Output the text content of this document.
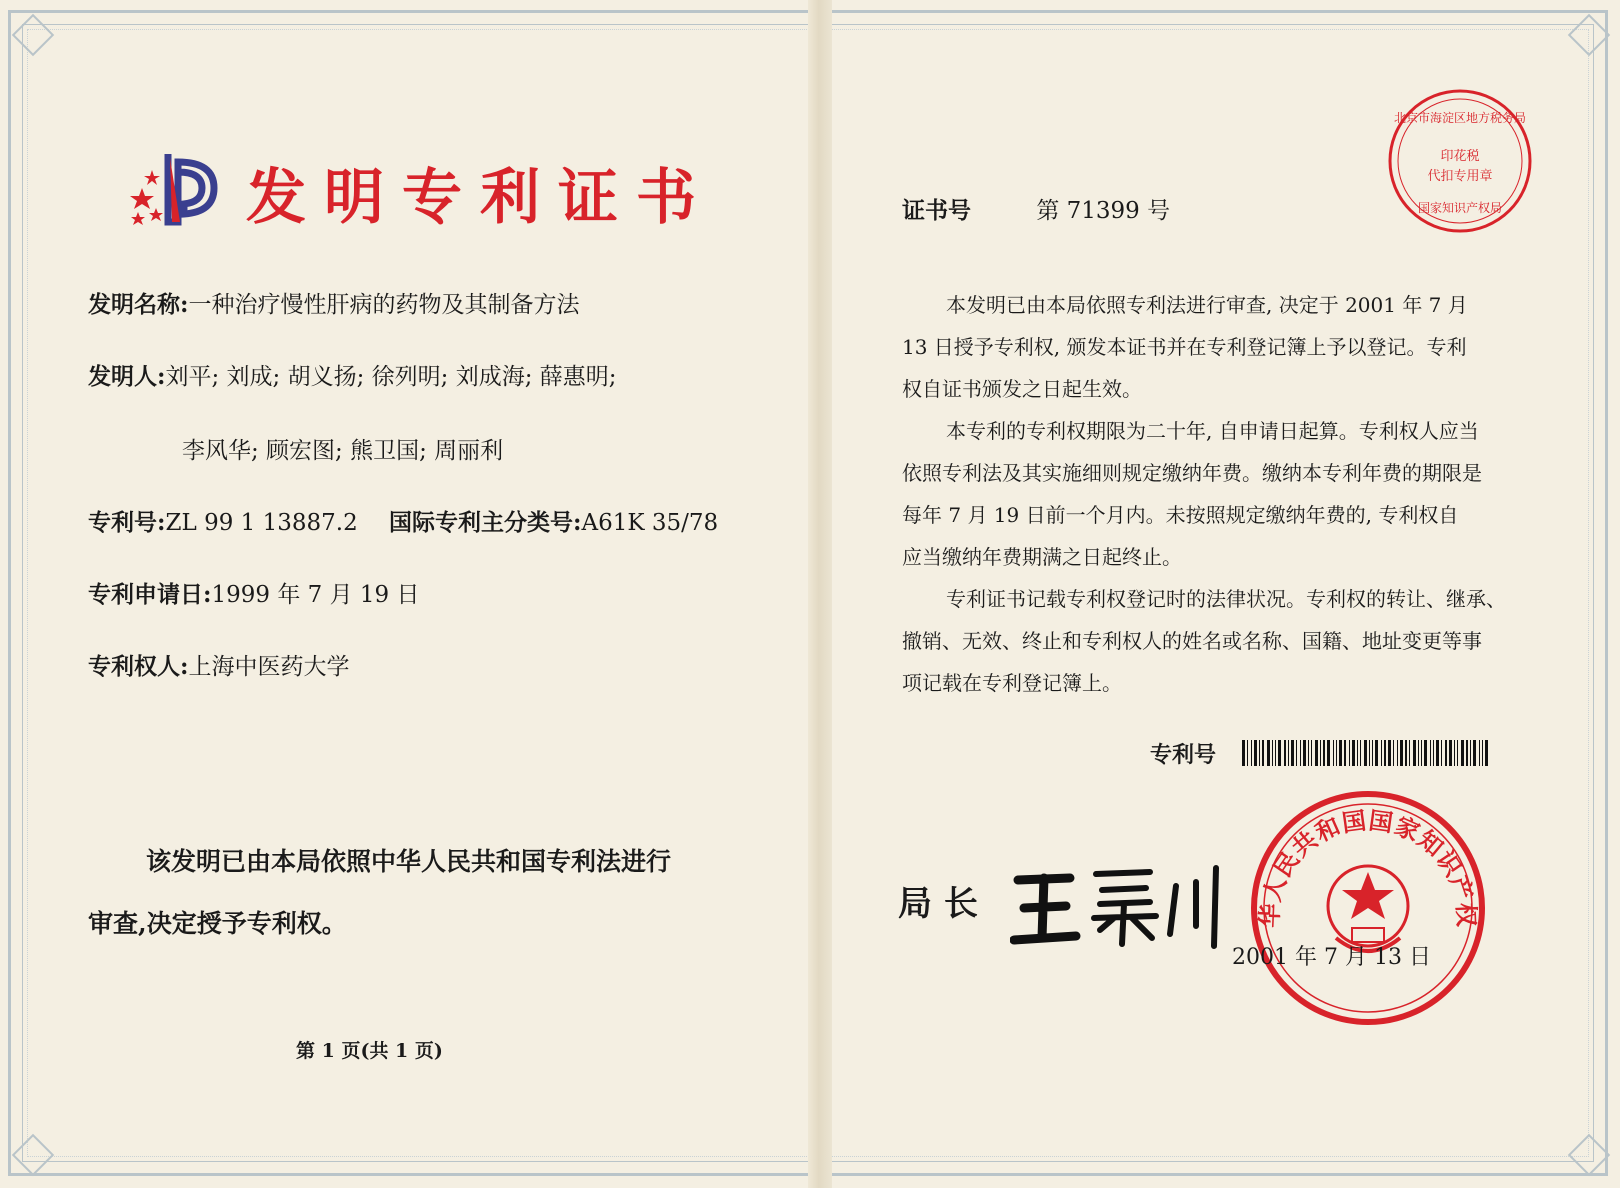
发明专利证书
发明名称:一种治疗慢性肝病的药物及其制备方法
发明人:刘平; 刘成; 胡义扬; 徐列明; 刘成海; 薛惠明;
李风华; 顾宏图; 熊卫国; 周丽利
专利号:ZL 99 1 13887.2 国际专利主分类号:A61K 35/78
专利申请日:1999 年 7 月 19 日
专利权人:上海中医药大学
该发明已由本局依照中华人民共和国专利法进行
审查,决定授予专利权。
第 1 页(共 1 页)
北京市海淀区地方税务局
印花税
代扣专用章
国家知识产权局
证书号	第 71399 号
本发明已由本局依照专利法进行审查, 决定于 2001 年 7 月
13 日授予专利权, 颁发本证书并在专利登记簿上予以登记。专利
权自证书颁发之日起生效。
本专利的专利权期限为二十年, 自申请日起算。专利权人应当
依照专利法及其实施细则规定缴纳年费。缴纳本专利年费的期限是
每年 7 月 19 日前一个月内。未按照规定缴纳年费的, 专利权自
应当缴纳年费期满之日起终止。
专利证书记载专利权登记时的法律状况。专利权的转让、继承、
撤销、无效、终止和专利权人的姓名或名称、国籍、地址变更等事
项记载在专利登记簿上。
专利号
局 长	华人民共和国国家知识产权
2001 年 7 月 13 日
